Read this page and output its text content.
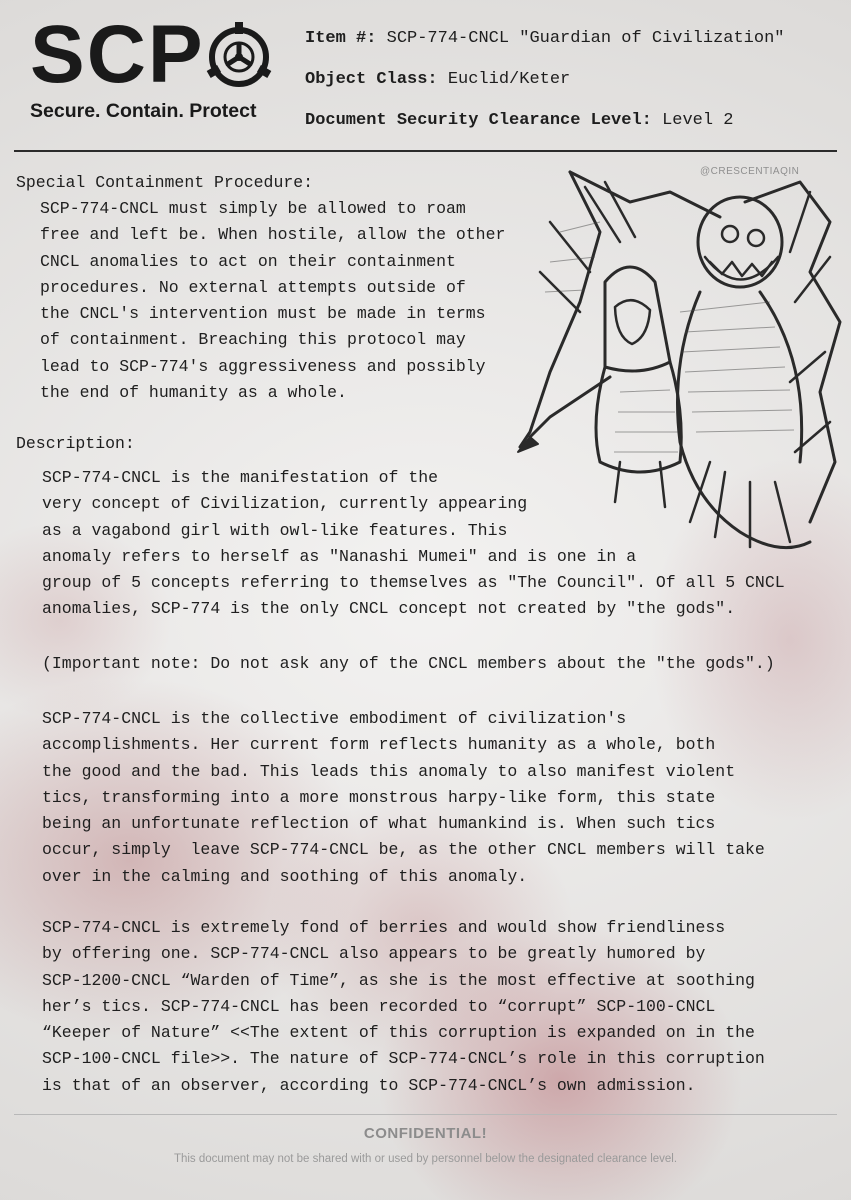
SCP
Secure. Contain. Protect
Item #: SCP-774-CNCL "Guardian of Civilization"
Object Class: Euclid/Keter
Document Security Clearance Level: Level 2
@CRESCENTIAQIN
Special Containment Procedure:
SCP-774-CNCL must simply be allowed to roam
free and left be. When hostile, allow the other
CNCL anomalies to act on their containment
procedures. No external attempts outside of
the CNCL's intervention must be made in terms
of containment. Breaching this protocol may
lead to SCP-774's aggressiveness and possibly
the end of humanity as a whole.
Description:
SCP-774-CNCL is the manifestation of the
very concept of Civilization, currently appearing
as a vagabond girl with owl-like features. This
anomaly refers to herself as "Nanashi Mumei" and is one in a
group of 5 concepts referring to themselves as "The Council". Of all 5 CNCL
anomalies, SCP-774 is the only CNCL concept not created by "the gods".
(Important note: Do not ask any of the CNCL members about the "the gods".)
SCP-774-CNCL is the collective embodiment of civilization's
accomplishments. Her current form reflects humanity as a whole, both
the good and the bad. This leads this anomaly to also manifest violent
tics, transforming into a more monstrous harpy-like form, this state
being an unfortunate reflection of what humankind is. When such tics
occur, simply  leave SCP-774-CNCL be, as the other CNCL members will take
over in the calming and soothing of this anomaly.
SCP-774-CNCL is extremely fond of berries and would show friendliness
by offering one. SCP-774-CNCL also appears to be greatly humored by
SCP-1200-CNCL “Warden of Time”, as she is the most effective at soothing
her’s tics. SCP-774-CNCL has been recorded to “corrupt” SCP-100-CNCL
“Keeper of Nature” <<The extent of this corruption is expanded on in the
SCP-100-CNCL file>>. The nature of SCP-774-CNCL’s role in this corruption
is that of an observer, according to SCP-774-CNCL’s own admission.
CONFIDENTIAL!
This document may not be shared with or used by personnel below the designated clearance level.
